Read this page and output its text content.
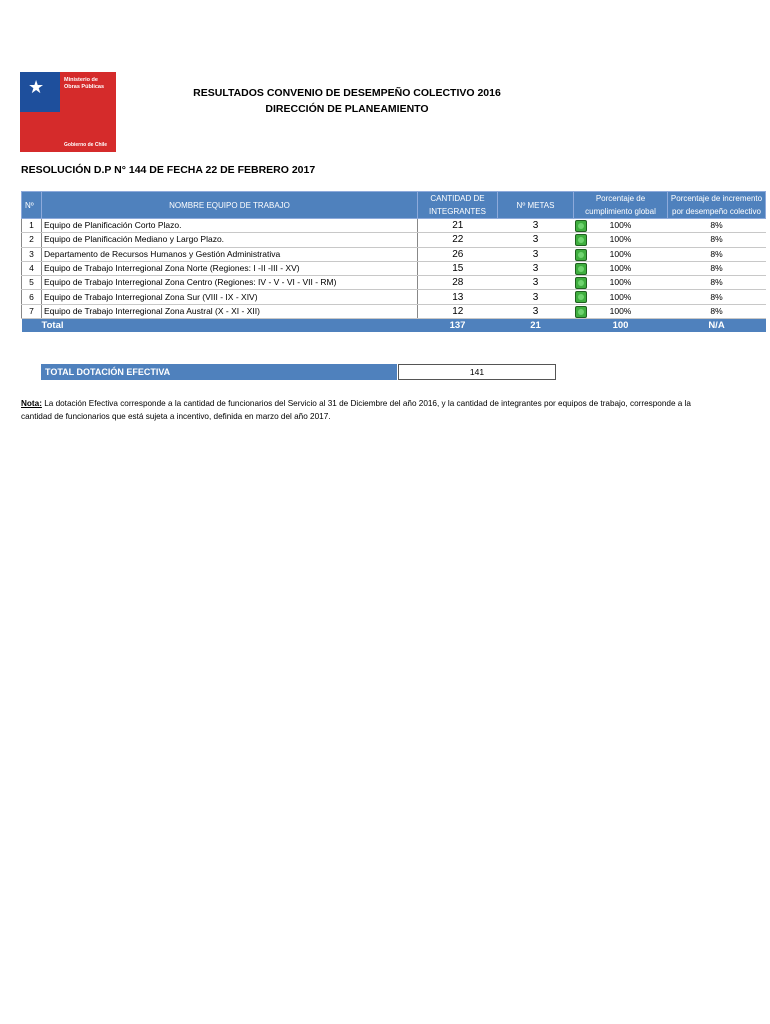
★	Ministerio de
Obras Públicas
Gobierno de Chile
RESULTADOS CONVENIO DE DESEMPEÑO COLECTIVO 2016
DIRECCIÓN DE PLANEAMIENTO
RESOLUCIÓN D.P N° 144 DE FECHA 22 DE FEBRERO 2017
Nº	NOMBRE EQUIPO DE TRABAJO	CANTIDAD DE INTEGRANTES	Nº METAS	Porcentaje de cumplimiento global	Porcentaje de incremento por desempeño colectivo
1	Equipo de Planificación Corto Plazo.	21	3	100%	8%
2	Equipo de Planificación Mediano y Largo Plazo.	22	3	100%	8%
3	Departamento de Recursos Humanos y Gestión Administrativa	26	3	100%	8%
4	Equipo de Trabajo Interregional Zona Norte (Regiones: I -II -III - XV)	15	3	100%	8%
5	Equipo de Trabajo Interregional Zona Centro (Regiones: IV - V - VI - VII - RM)	28	3	100%	8%
6	Equipo de Trabajo Interregional Zona Sur (VIII - IX - XIV)	13	3	100%	8%
7	Equipo de Trabajo Interregional Zona Austral (X - XI - XII)	12	3	100%	8%
Total		137	21	100	N/A
TOTAL DOTACIÓN EFECTIVA	141
Nota: La dotación Efectiva corresponde a la cantidad de funcionarios del Servicio al 31 de Diciembre del año 2016, y la cantidad de integrantes por equipos de trabajo, corresponde a la cantidad de funcionarios que está sujeta a incentivo, definida en marzo del año 2017.
